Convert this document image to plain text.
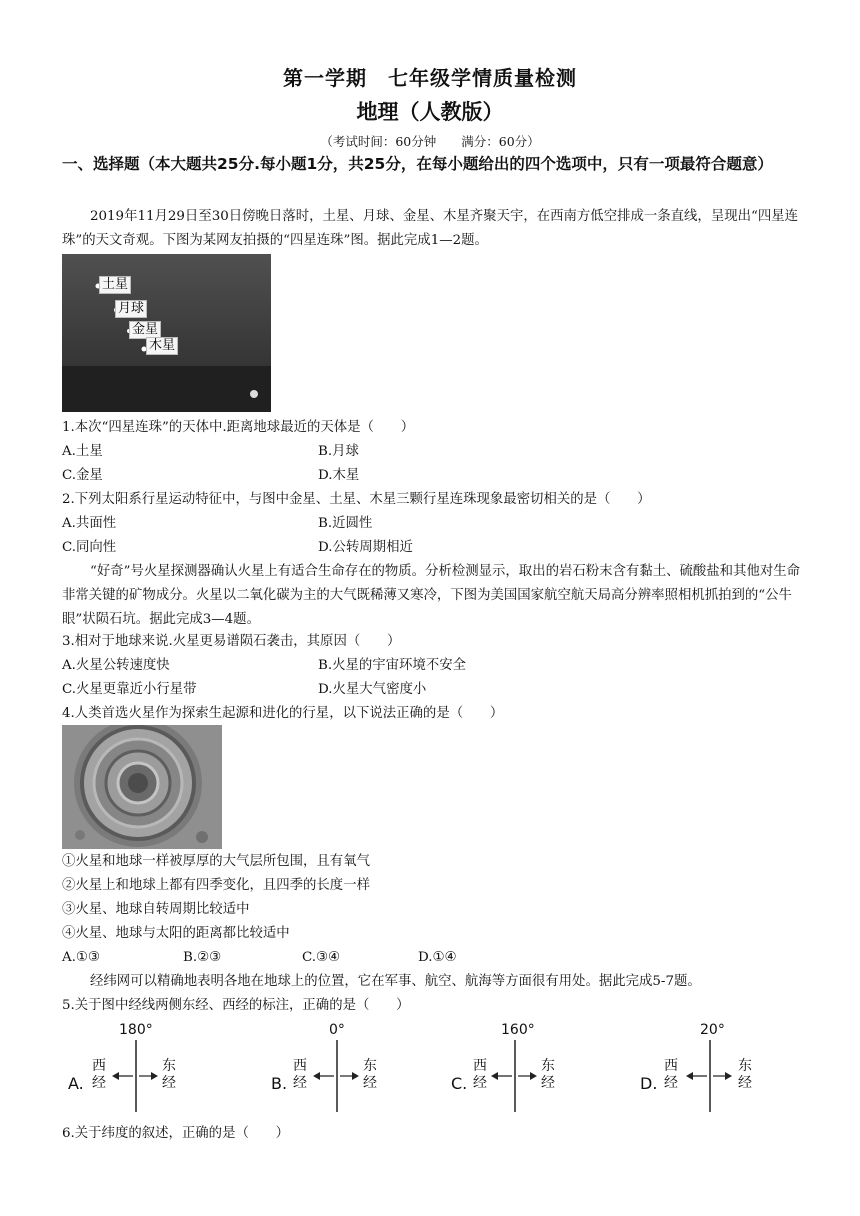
第一学期　七年级学情质量检测
地理（人教版）
（考试时间：60分钟　　满分：60分）
一、选择题（本大题共25分.每小题1分，共25分，在每小题给出的四个选项中，只有一项最符合题意）
2019年11月29日至30日傍晚日落时，土星、月球、金星、木星齐聚天宇，在西南方低空排成一条直线，呈现出“四星连珠”的天文奇观。下图为某网友拍摄的“四星连珠”图。据此完成1—2题。
土星
月球
金星
木星
1.本次“四星连珠”的天体中.距离地球最近的天体是（　　）
A.土星	B.月球
C.金星	D.木星
2.下列太阳系行星运动特征中，与图中金星、土星、木星三颗行星连珠现象最密切相关的是（　　）
A.共面性	B.近圆性
C.同向性	D.公转周期相近
“好奇”号火星探测器确认火星上有适合生命存在的物质。分析检测显示，取出的岩石粉末含有黏土、硫酸盐和其他对生命非常关键的矿物成分。火星以二氧化碳为主的大气既稀薄又寒冷，下图为美国国家航空航天局高分辨率照相机抓拍到的“公牛眼”状陨石坑。据此完成3—4题。
3.相对于地球来说.火星更易谱陨石袭击，其原因（　　）
A.火星公转速度快	B.火星的宇宙环境不安全
C.火星更靠近小行星带	D.火星大气密度小
4.人类首选火星作为探索生起源和进化的行星，以下说法正确的是（　　）
①火星和地球一样被厚厚的大气层所包围，且有氧气
②火星上和地球上都有四季变化，且四季的长度一样
③火星、地球自转周期比较适中
④火星、地球与太阳的距离都比较适中
A.①③	B.②③	C.③④	D.①④
经纬网可以精确地表明各地在地球上的位置，它在军事、航空、航海等方面很有用处。据此完成5-7题。
5.关于图中经线两侧东经、西经的标注，正确的是（　　）
180°
A.
西
经
东
经
0°
B.
西
经
东
经
160°
C.
西
经
东
经
20°
D.
西
经
东
经
6.关于纬度的叙述，正确的是（　　）
